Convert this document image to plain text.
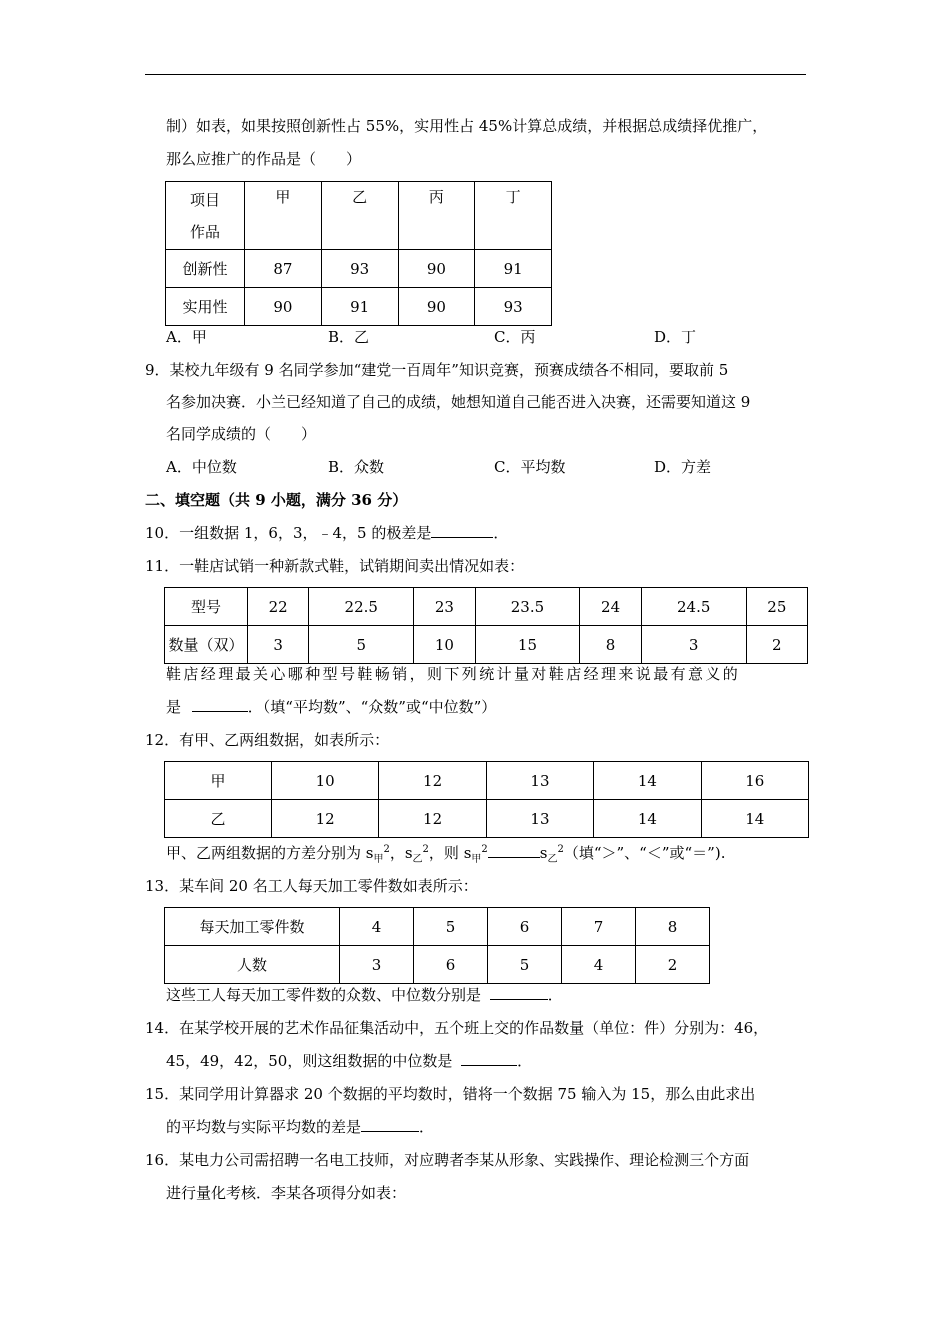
制）如表，如果按照创新性占 55%，实用性占 45%计算总成绩，并根据总成绩择优推广，
那么应推广的作品是（　　）
项目
作品	甲	乙	丙	丁
创新性	87	93	90	91
实用性	90	91	90	93
A．甲	B．乙	C．丙	D．丁
9．某校九年级有 9 名同学参加“建党一百周年”知识竞赛，预赛成绩各不相同，要取前 5
名参加决赛．小兰已经知道了自己的成绩，她想知道自己能否进入决赛，还需要知道这 9
名同学成绩的（　　）
A．中位数	B．众数	C．平均数	D．方差
二、填空题（共 9 小题，满分 36 分）
10．一组数据 1，6，3，﹣4，5 的极差是	．
11．一鞋店试销一种新款式鞋，试销期间卖出情况如表：
型号	22	22.5	23	23.5	24	24.5	25
数量（双）	3	5	10	15	8	3	2
鞋店经理最关心哪种型号鞋畅销，则下列统计量对鞋店经理来说最有意义的
是	．（填“平均数”、“众数”或“中位数”）
12．有甲、乙两组数据，如表所示：
甲	10	12	13	14	16
乙	12	12	13	14	14
甲、乙两组数据的方差分别为 $s_甲^2$，$s_乙^2$，则 $s_甲^2$	$s_乙^2$（填“＞”、“＜”或“＝”).
13．某车间 20 名工人每天加工零件数如表所示：
每天加工零件数	4	5	6	7	8
人数	3	6	5	4	2
这些工人每天加工零件数的众数、中位数分别是	．
14．在某学校开展的艺术作品征集活动中，五个班上交的作品数量（单位：件）分别为：46，
45，49，42，50，则这组数据的中位数是	．
15．某同学用计算器求 20 个数据的平均数时，错将一个数据 75 输入为 15，那么由此求出
的平均数与实际平均数的差是	．
16．某电力公司需招聘一名电工技师，对应聘者李某从形象、实践操作、理论检测三个方面
进行量化考核．李某各项得分如表：
